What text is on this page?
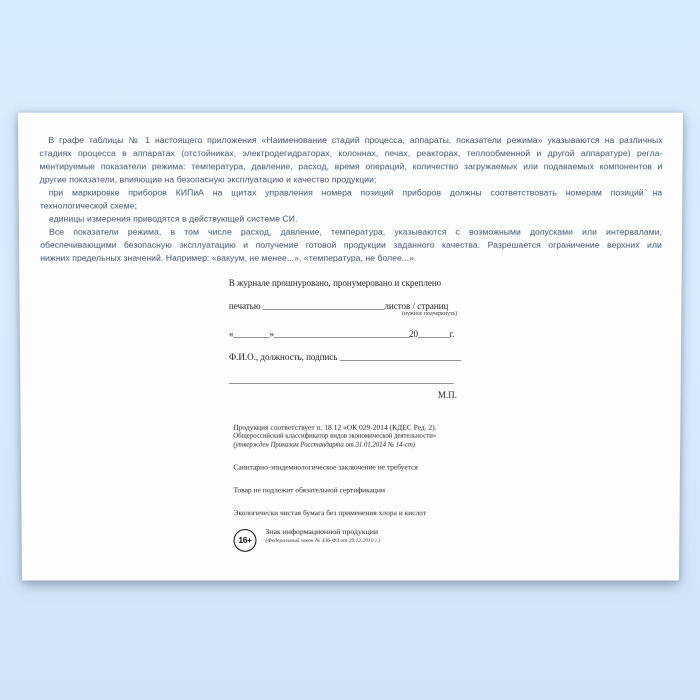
В графе таблицы № 1 настоящего приложения «Наименование стадий процесса, аппараты, показатели режима» указываются на различных
стадиях процесса в аппаратах (отстойниках, электродегидраторах, колоннах, печах, реакторах, теплообменной и другой аппаратуре) регла-
ментируемые показатели режима: температура, давление, расход, время операций, количество загружаемых или подаваемых компонентов и
другие показатели, влияющие на безопасную эксплуатацию и качество продукции;
при маркировке приборов КИПиА на щитах управления номера позиций приборов должны соответствовать номерам позиций на
технологической схеме;
единицы измерения приводятся в действующей системе СИ.
Все показатели режима, в том числе расход, давление, температура, указываются с возможными допусками или интервалами,
обеспечивающими безопасную эксплуатацию и получение готовой продукции заданного качества. Разрешается ограничение верхних или
нижних предельных значений. Например: «вакуум, не менее...», «температура, не более...».
В журнале прошнуровано, пронумеровано и скреплено
печатью ___________________________листов / страниц
(нужное подчеркнуть)
«________»______________________________20_______г.
Ф.И.О., должность, подпись ___________________________
__________________________________________________
М.П.
Продукция соответствует п. 18.12 «ОК 029-2014 (КДЕС Ред. 2).
Общероссийский классификатор видов экономической деятельности»
(утвержден Приказом Росстандарта от 31.01.2014 № 14-ст)
Санитарно-эпидемиологическое заключение не требуется
Товар не подлежит обязательной сертификации
Экологически чистая бумага без применения хлора и кислот
16+
Знак информационной продукции
(Федеральный закон № 436-ФЗ от 29.12.2010 г.)
